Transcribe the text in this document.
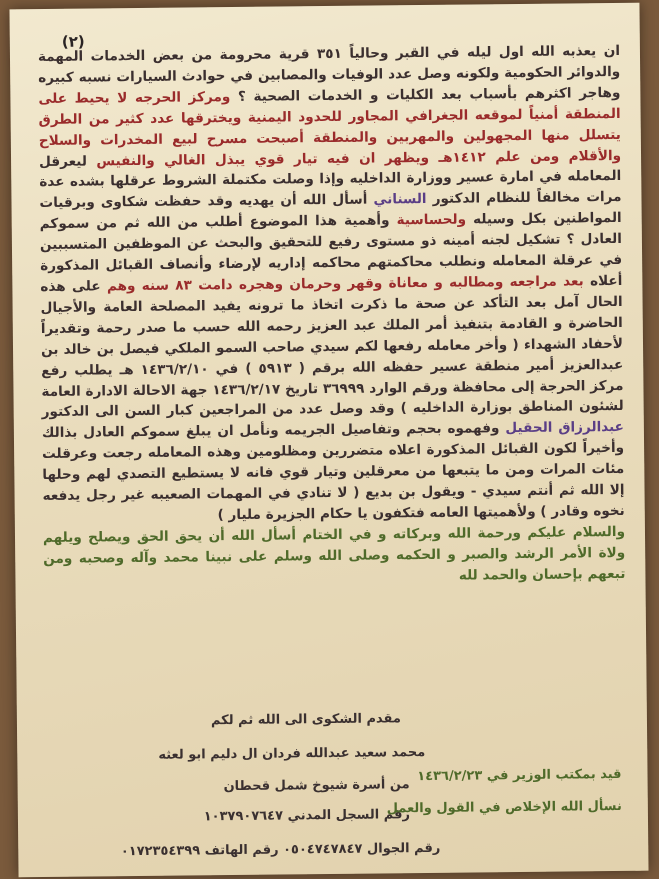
(٢)

ان يعذبه الله اول ليله في القبر وحالياً ٣٥١ قرية محرومة من بعض الخدمات المهمة والدوائر الحكومية ولكونه وصل عدد الوفيات والمصابين في حوادث السيارات نسبه كبيره وهاجر اكثرهم بأسباب بعد الكليات و الخدمات الصحية ؟ ومركز الحرجه لا يحيط على المنطقة أمنياً لموقعه الجغرافي المجاور للحدود اليمنية ويخترقها عدد كثير من الطرق يتسلل منها المجهولين والمهربين والمنطقة أصبحت مسرح لبيع المخدرات والسلاح والأقلام ومن علم ١٤١٢هـ ويظهر ان فيه تيار قوي يبذل الغالي والنفيس ليعرقل المعامله في امارة عسير ووزارة الداخليه وإذا وصلت مكتملة الشروط عرقلها بشده عدة مرات مخالفاً للنظام الدكتور السناني أسأل الله أن يهديه وقد حفظت شكاوى وبرقيات المواطنين بكل وسيله ولحساسية وأهمية هذا الموضوع أطلب من الله ثم من سموكم العادل ؟ تشكيل لجنه أمينه ذو مستوى رفيع للتحقيق والبحث عن الموظفين المتسببين في عرقلة المعامله ونطلب محاكمتهم محاكمه إداريه لإرضاء وأنصاف القبائل المذكورة أعلاه بعد مراجعه ومطالبه و معاناة وقهر وحرمان وهجره دامت ٨٣ سنه وهم على هذه الحال آمل بعد التأكد عن صحة ما ذكرت اتخاذ ما ترونه يفيد المصلحة العامة والأجيال الحاضرة و القادمة بتنفيذ أمر الملك عبد العزيز رحمه الله حسب ما صدر رحمة وتقديراً لأحفاد الشهداء ( وأخر معامله رفعها لكم سيدي صاحب السمو الملكي فيصل بن خالد بن عبدالعزيز أمير منطقة عسير حفظه الله برقم ( ٥٩١٣ ) في ١٤٣٦/٢/١٠ هـ يطلب رفع مركز الحرجة إلى محافظة ورقم الوارد ٣٦٩٩٩ تاريخ ١٤٣٦/٢/١٧ جهة الاحالة الادارة العامة لشئون المناطق بوزارة الداخليه ) وقد وصل عدد من المراجعين كبار السن الى الدكتور عبدالرزاق الحقيل وفهموه بحجم وتفاصيل الجريمه ونأمل ان يبلغ سموكم العادل بذالك وأخيراً لكون القبائل المذكورة اعلاه متضررين ومظلومين وهذه المعامله رجعت وعرقلت مئات المرات ومن ما يتبعها من معرقلين وتيار قوي فانه لا يستطيع التصدي لهم وحلها إلا الله ثم أنتم سيدي - ويقول بن بديع ( لا تنادي في المهمات الصعيبه غير رجل يدفعه نخوه وقادر ) ولأهميتها العامه فتكفون يا حكام الجزيرة مليار )

والسلام عليكم ورحمة الله وبركاته و في الختام أسأل الله أن يحق الحق ويصلح ويلهم ولاة الأمر الرشد والصبر و الحكمه وصلى الله وسلم على نبينا محمد وآله وصحبه ومن تبعهم بإحسان والحمد لله

مقدم الشكوى الى الله ثم لكم
محمد سعيد عبدالله فردان ال دليم ابو لعثه
من أسرة شيوخ شمل قحطان
رقم السجل المدني ١٠٣٧٩٠٧٦٤٧
رقم الجوال ٠٥٠٤٧٤٧٨٤٧ رقم الهاتف ٠١٧٢٣٥٤٣٩٩
قيد بمكتب الوزير في ١٤٣٦/٢/٢٣
نسأل الله الإخلاص في القول والعمل
